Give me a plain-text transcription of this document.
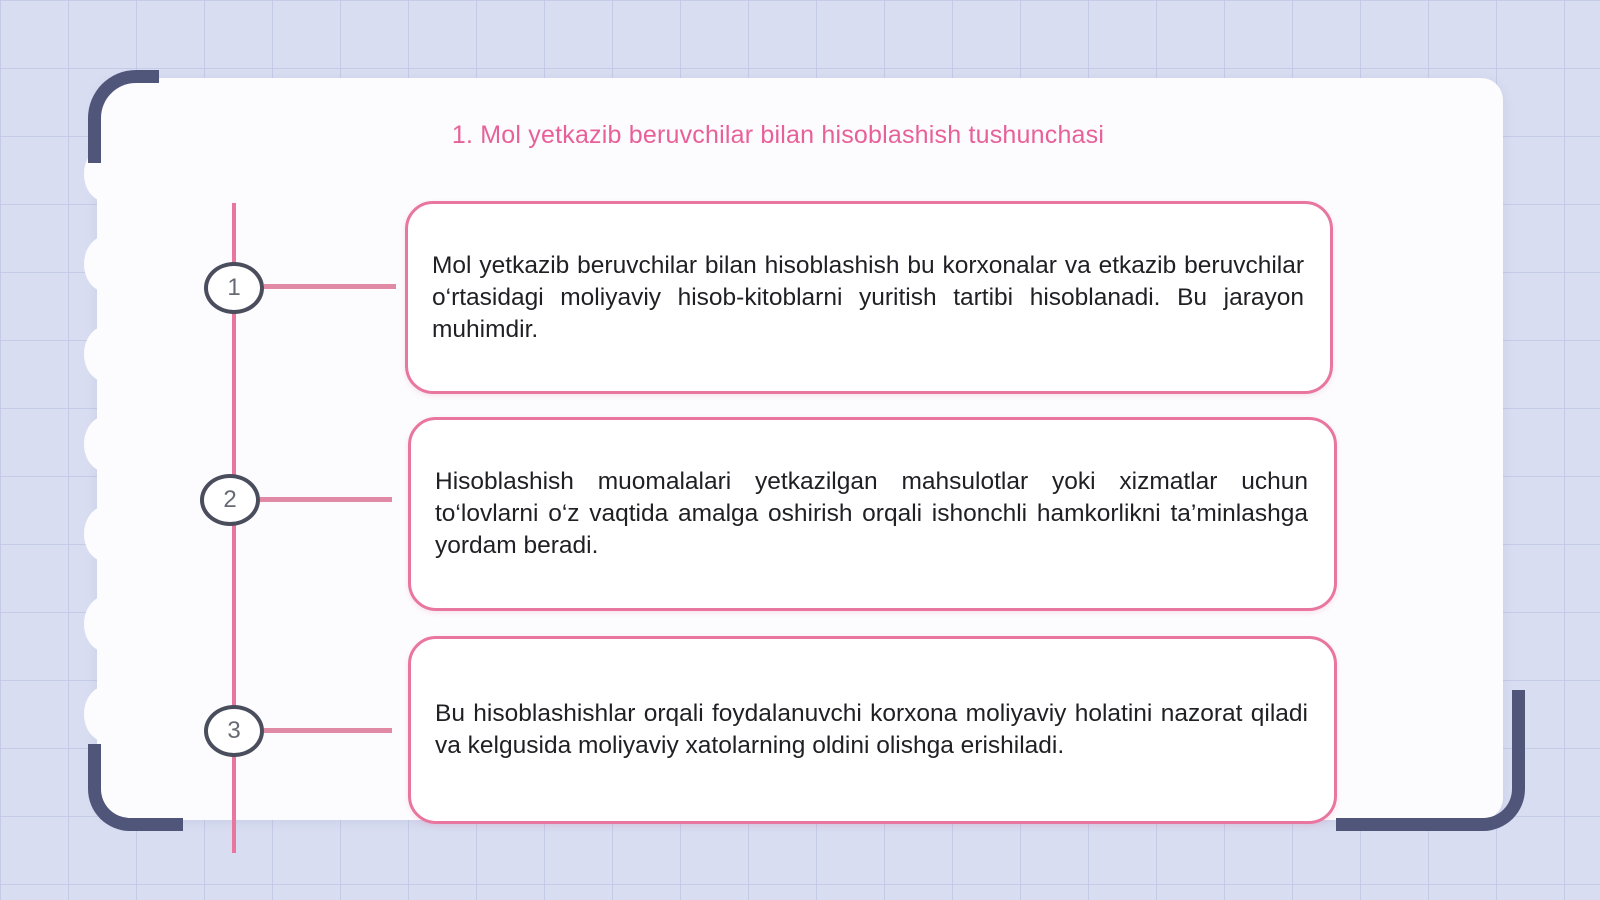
1. Mol yetkazib beruvchilar bilan hisoblashish tushunchasi
1
2
3

Mol yetkazib beruvchilar bilan hisoblashish bu korxonalar va etkazib beruvchilar o‘rtasidagi moliyaviy hisob-kitoblarni yuritish tartibi hisoblanadi. Bu jarayon muhimdir.

Hisoblashish muomalalari yetkazilgan mahsulotlar yoki xizmatlar uchun to‘lovlarni o‘z vaqtida amalga oshirish orqali ishonchli hamkorlikni ta’minlashga yordam beradi.

Bu hisoblashishlar orqali foydalanuvchi korxona moliyaviy holatini nazorat qiladi va kelgusida moliyaviy xatolarning oldini olishga erishiladi.
